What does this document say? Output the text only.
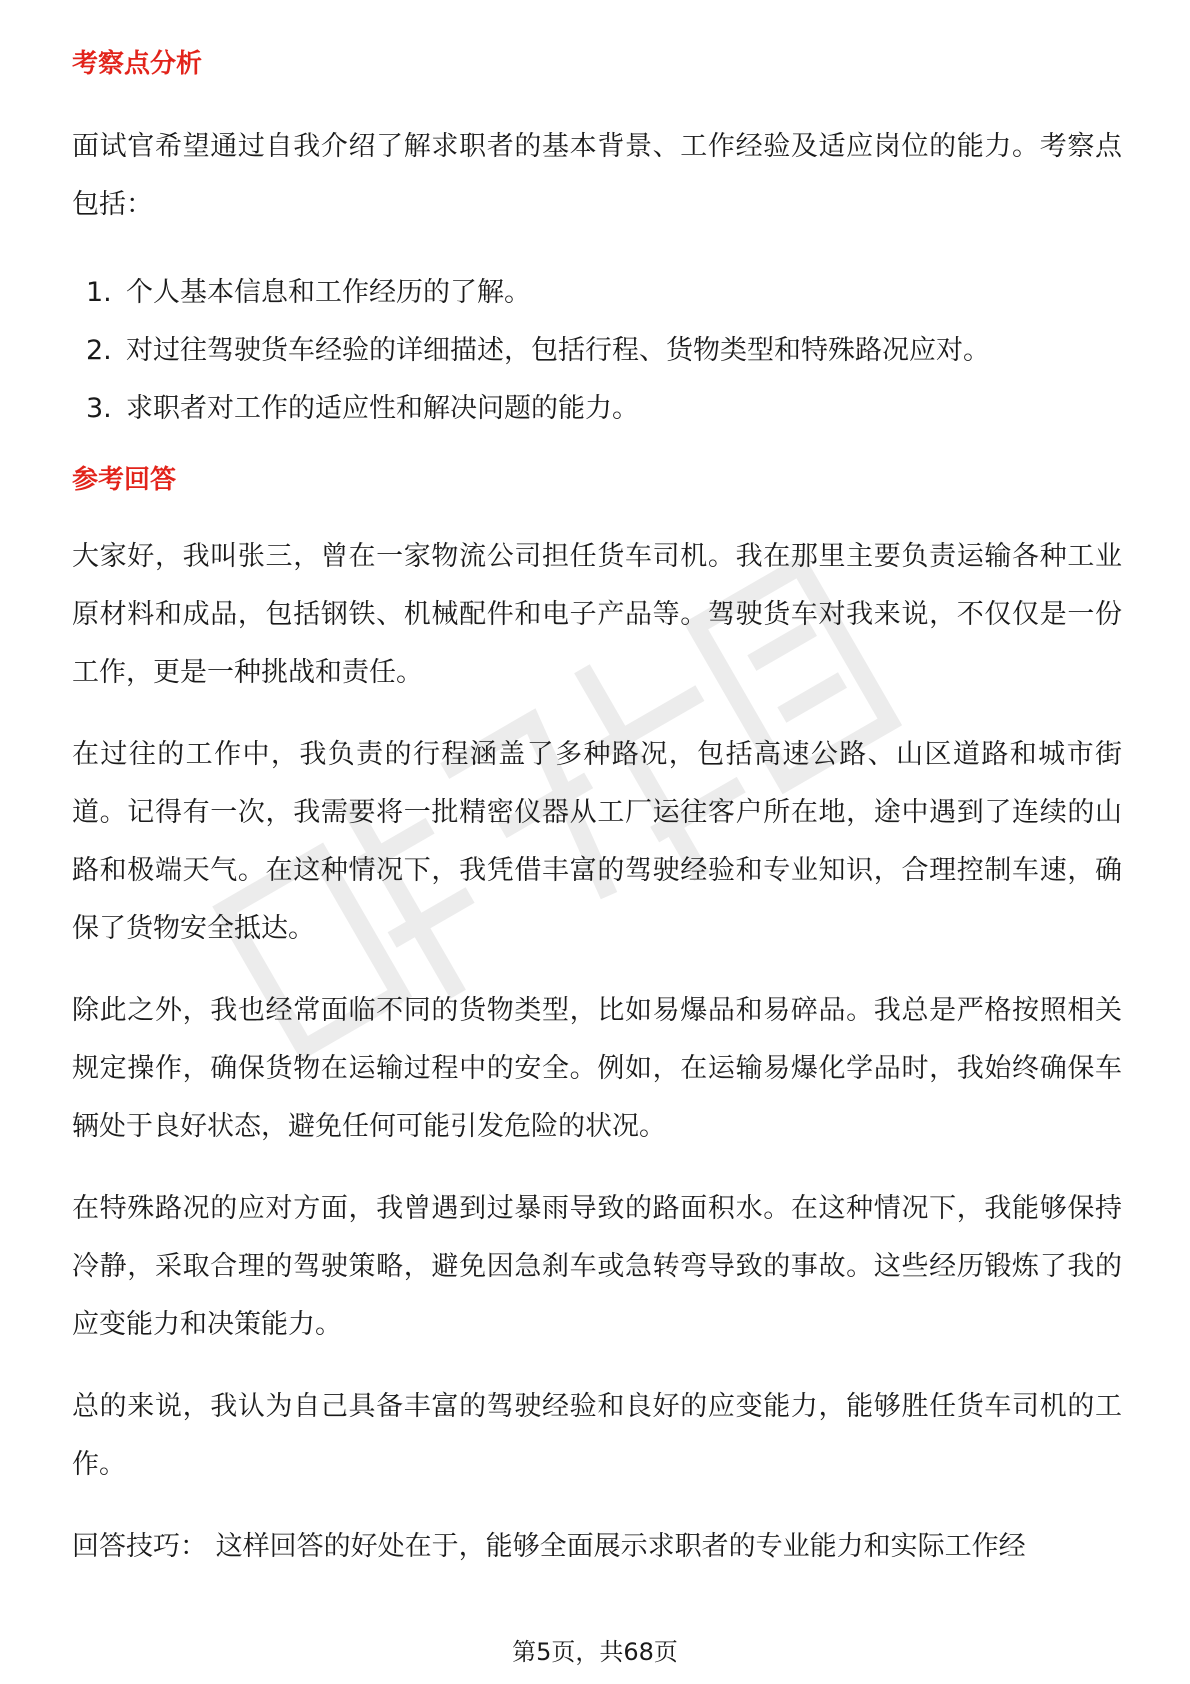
考察点分析

面试官希望通过自我介绍了解求职者的基本背景、工作经验及适应岗位的能力。考察点包括：

1. 个人基本信息和工作经历的了解。
2. 对过往驾驶货车经验的详细描述，包括行程、货物类型和特殊路况应对。
3. 求职者对工作的适应性和解决问题的能力。
参考回答

大家好，我叫张三，曾在一家物流公司担任货车司机。我在那里主要负责运输各种工业原材料和成品，包括钢铁、机械配件和电子产品等。驾驶货车对我来说，不仅仅是一份工作，更是一种挑战和责任。

在过往的工作中，我负责的行程涵盖了多种路况，包括高速公路、山区道路和城市街道。记得有一次，我需要将一批精密仪器从工厂运往客户所在地，途中遇到了连续的山路和极端天气。在这种情况下，我凭借丰富的驾驶经验和专业知识，合理控制车速，确保了货物安全抵达。

除此之外，我也经常面临不同的货物类型，比如易爆品和易碎品。我总是严格按照相关规定操作，确保货物在运输过程中的安全。例如，在运输易爆化学品时，我始终确保车辆处于良好状态，避免任何可能引发危险的状况。

在特殊路况的应对方面，我曾遇到过暴雨导致的路面积水。在这种情况下，我能够保持冷静，采取合理的驾驶策略，避免因急刹车或急转弯导致的事故。这些经历锻炼了我的应变能力和决策能力。

总的来说，我认为自己具备丰富的驾驶经验和良好的应变能力，能够胜任货车司机的工作。

回答技巧： 这样回答的好处在于，能够全面展示求职者的专业能力和实际工作经

第5页，共68页
